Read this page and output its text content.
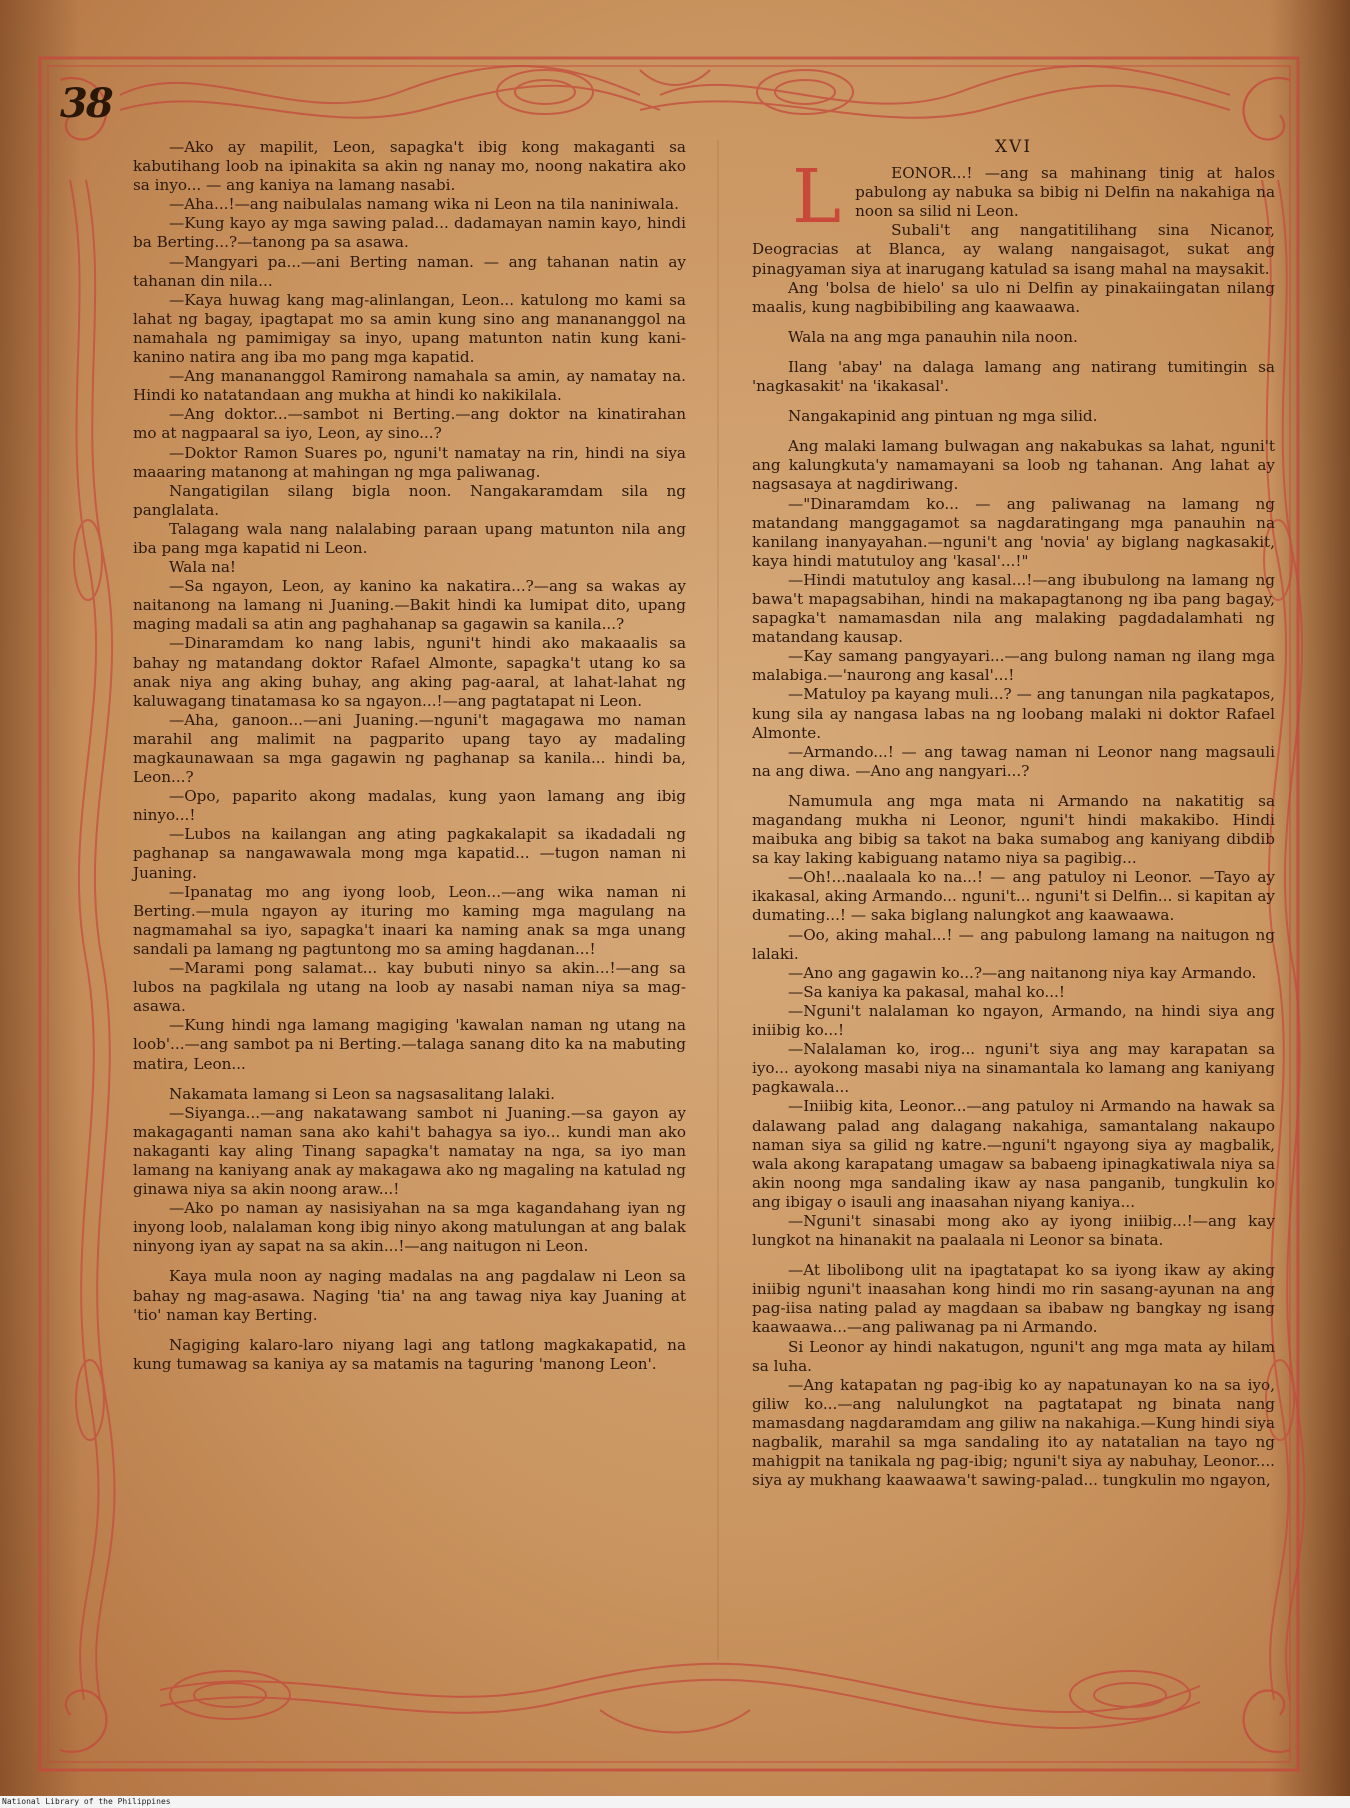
38

—Ako ay mapilit, Leon, sapagka't ibig kong makaganti sa kabutihang loob na ipinakita sa akin ng nanay mo, noong nakatira ako sa inyo... — ang kaniya na lamang nasabi.

—Aha...!—ang naibulalas namang wika ni Leon na tila naniniwala.

—Kung kayo ay mga sawing palad... dadamayan namin kayo, hindi ba Berting...?—tanong pa sa asawa.

—Mangyari pa...—ani Berting naman. — ang tahanan natin ay tahanan din nila...

—Kaya huwag kang mag-alinlangan, Leon... katulong mo kami sa lahat ng bagay, ipagtapat mo sa amin kung sino ang manananggol na namahala ng pamimigay sa inyo, upang matunton natin kung kani-kanino natira ang iba mo pang mga kapatid.

—Ang manananggol Ramirong namahala sa amin, ay namatay na. Hindi ko natatandaan ang mukha at hindi ko nakikilala.

—Ang doktor...—sambot ni Berting.—ang doktor na kinatirahan mo at nagpaaral sa iyo, Leon, ay sino...?

—Doktor Ramon Suares po, nguni't namatay na rin, hindi na siya maaaring matanong at mahingan ng mga paliwanag.

Nangatigilan silang bigla noon. Nangakaramdam sila ng panglalata.

Talagang wala nang nalalabing paraan upang matunton nila ang iba pang mga kapatid ni Leon.

Wala na!

—Sa ngayon, Leon, ay kanino ka nakatira...?—ang sa wakas ay naitanong na lamang ni Juaning.—Bakit hindi ka lumipat dito, upang maging madali sa atin ang paghahanap sa gagawin sa kanila...?

—Dinaramdam ko nang labis, nguni't hindi ako makaaalis sa bahay ng matandang doktor Rafael Almonte, sapagka't utang ko sa anak niya ang aking buhay, ang aking pag-aaral, at lahat-lahat ng kaluwagang tinatamasa ko sa ngayon...!—ang pagtatapat ni Leon.

—Aha, ganoon...—ani Juaning.—nguni't magagawa mo naman marahil ang malimit na pagparito upang tayo ay madaling magkaunawaan sa mga gagawin ng paghanap sa kanila... hindi ba, Leon...?

—Opo, paparito akong madalas, kung yaon lamang ang ibig ninyo...!

—Lubos na kailangan ang ating pagkakalapit sa ikadadali ng paghanap sa nangawawala mong mga kapatid... —tugon naman ni Juaning.

—Ipanatag mo ang iyong loob, Leon...—ang wika naman ni Berting.—mula ngayon ay ituring mo kaming mga magulang na nagmamahal sa iyo, sapagka't inaari ka naming anak sa mga unang sandali pa lamang ng pagtuntong mo sa aming hagdanan...!

—Marami pong salamat... kay bubuti ninyo sa akin...!—ang sa lubos na pagkilala ng utang na loob ay nasabi naman niya sa mag-asawa.

—Kung hindi nga lamang magiging 'kawalan naman ng utang na loob'...—ang sambot pa ni Berting.—talaga sanang dito ka na mabuting matira, Leon...

Nakamata lamang si Leon sa nagsasalitang lalaki.

—Siyanga...—ang nakatawang sambot ni Juaning.—sa gayon ay makagaganti naman sana ako kahi't bahagya sa iyo... kundi man ako nakaganti kay aling Tinang sapagka't namatay na nga, sa iyo man lamang na kaniyang anak ay makagawa ako ng magaling na katulad ng ginawa niya sa akin noong araw...!

—Ako po naman ay nasisiyahan na sa mga kagandahang iyan ng inyong loob, nalalaman kong ibig ninyo akong matulungan at ang balak ninyong iyan ay sapat na sa akin...!—ang naitugon ni Leon.

Kaya mula noon ay naging madalas na ang pagdalaw ni Leon sa bahay ng mag-asawa. Naging 'tia' na ang tawag niya kay Juaning at 'tio' naman kay Berting.

Nagiging kalaro-laro niyang lagi ang tatlong magkakapatid, na kung tumawag sa kaniya ay sa matamis na taguring 'manong Leon'.

XVI

L	EONOR...! —ang sa mahinang tinig at halos pabulong ay nabuka sa bibig ni Delfin na nakahiga na noon sa silid ni Leon.

Subali't ang nangatitilihang sina Nicanor, Deogracias at Blanca, ay walang nangaisagot, sukat ang pinagyaman siya at inarugang katulad sa isang mahal na maysakit.

Ang 'bolsa de hielo' sa ulo ni Delfin ay pinakaiingatan nilang maalis, kung nagbibibiling ang kaawaawa.

Wala na ang mga panauhin nila noon.

Ilang 'abay' na dalaga lamang ang natirang tumitingin sa 'nagkasakit' na 'ikakasal'.

Nangakapinid ang pintuan ng mga silid.

Ang malaki lamang bulwagan ang nakabukas sa lahat, nguni't ang kalungkuta'y namamayani sa loob ng tahanan. Ang lahat ay nagsasaya at nagdiriwang.

—"Dinaramdam ko... — ang paliwanag na lamang ng matandang manggagamot sa nagdaratingang mga panauhin na kanilang inanyayahan.—nguni't ang 'novia' ay biglang nagkasakit, kaya hindi matutuloy ang 'kasal'...!"

—Hindi matutuloy ang kasal...!—ang ibubulong na lamang ng bawa't mapagsabihan, hindi na makapagtanong ng iba pang bagay, sapagka't namamasdan nila ang malaking pagdadalamhati ng matandang kausap.

—Kay samang pangyayari...—ang bulong naman ng ilang mga malabiga.—'naurong ang kasal'...!

—Matuloy pa kayang muli...? — ang tanungan nila pagkatapos, kung sila ay nangasa labas na ng loobang malaki ni doktor Rafael Almonte.

—Armando...! — ang tawag naman ni Leonor nang magsauli na ang diwa. —Ano ang nangyari...?

Namumula ang mga mata ni Armando na nakatitig sa magandang mukha ni Leonor, nguni't hindi makakibo. Hindi maibuka ang bibig sa takot na baka sumabog ang kaniyang dibdib sa kay laking kabiguang natamo niya sa pagibig...

—Oh!...naalaala ko na...! — ang patuloy ni Leonor. —Tayo ay ikakasal, aking Armando... nguni't... nguni't si Delfin... si kapitan ay dumating...! — saka biglang nalungkot ang kaawaawa.

—Oo, aking mahal...! — ang pabulong lamang na naitugon ng lalaki.

—Ano ang gagawin ko...?—ang naitanong niya kay Armando.

—Sa kaniya ka pakasal, mahal ko...!

—Nguni't nalalaman ko ngayon, Armando, na hindi siya ang iniibig ko...!

—Nalalaman ko, irog... nguni't siya ang may karapatan sa iyo... ayokong masabi niya na sinamantala ko lamang ang kaniyang pagkawala...

—Iniibig kita, Leonor...—ang patuloy ni Armando na hawak sa dalawang palad ang dalagang nakahiga, samantalang nakaupo naman siya sa gilid ng katre.—nguni't ngayong siya ay magbalik, wala akong karapatang umagaw sa babaeng ipinagkatiwala niya sa akin noong mga sandaling ikaw ay nasa panganib, tungkulin ko ang ibigay o isauli ang inaasahan niyang kaniya...

—Nguni't sinasabi mong ako ay iyong iniibig...!—ang kay lungkot na hinanakit na paalaala ni Leonor sa binata.

—At libolibong ulit na ipagtatapat ko sa iyong ikaw ay aking iniibig nguni't inaasahan kong hindi mo rin sasang-ayunan na ang pag-iisa nating palad ay magdaan sa ibabaw ng bangkay ng isang kaawaawa...—ang paliwanag pa ni Armando.

Si Leonor ay hindi nakatugon, nguni't ang mga mata ay hilam sa luha.

—Ang katapatan ng pag-ibig ko ay napatunayan ko na sa iyo, giliw ko...—ang nalulungkot na pagtatapat ng binata nang mamasdang nagdaramdam ang giliw na nakahiga.—Kung hindi siya nagbalik, marahil sa mga sandaling ito ay natatalian na tayo ng mahigpit na tanikala ng pag-ibig; nguni't siya ay nabuhay, Leonor.... siya ay mukhang kaawaawa't sawing-palad... tungkulin mo ngayon,

National Library of the Philippines
